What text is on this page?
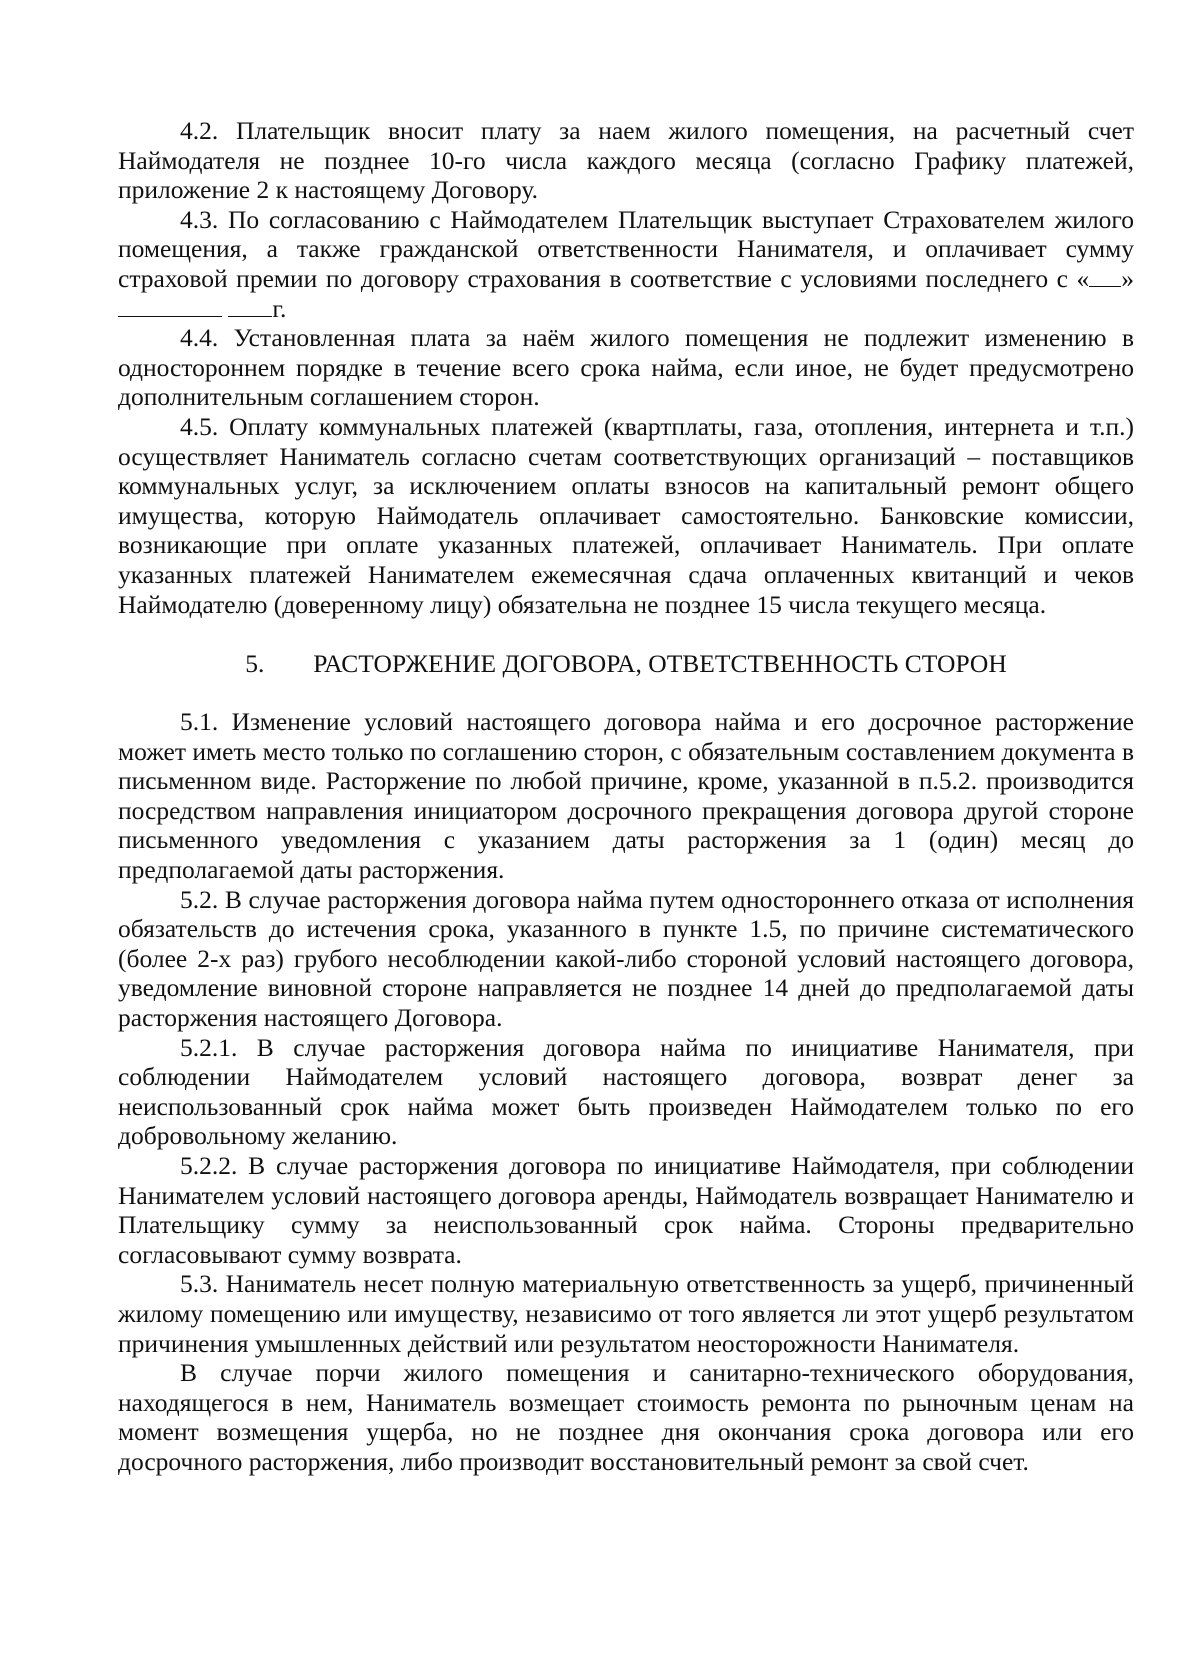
4.2. Плательщик вносит плату за наем жилого помещения, на расчетный счет Наймодателя не позднее 10-го числа каждого месяца (согласно Графику платежей, приложение 2 к настоящему Договору.

4.3. По согласованию с Наймодателем Плательщик выступает Страхователем жилого помещения, а также гражданской ответственности Нанимателя, и оплачивает сумму страховой премии по договору страхования в соответствие с условиями последнего с « »  г.

4.4. Установленная плата за наём жилого помещения не подлежит изменению в одностороннем порядке в течение всего срока найма, если иное, не будет предусмотрено дополнительным соглашением сторон.

4.5. Оплату коммунальных платежей (квартплаты, газа, отопления, интернета и т.п.) осуществляет Наниматель согласно счетам соответствующих организаций – поставщиков коммунальных услуг, за исключением оплаты взносов на капитальный ремонт общего имущества, которую Наймодатель оплачивает самостоятельно. Банковские комиссии, возникающие при оплате указанных платежей, оплачивает Наниматель. При оплате указанных платежей Нанимателем ежемесячная сдача оплаченных квитанций и чеков Наймодателю (доверенному лицу) обязательна не позднее 15 числа текущего месяца.

5.	РАСТОРЖЕНИЕ ДОГОВОРА, ОТВЕТСТВЕННОСТЬ СТОРОН

5.1. Изменение условий настоящего договора найма и его досрочное расторжение может иметь место только по соглашению сторон, с обязательным составлением документа в письменном виде. Расторжение по любой причине, кроме, указанной в п.5.2. производится посредством направления инициатором досрочного прекращения договора другой стороне письменного уведомления с указанием даты расторжения за 1 (один) месяц до предполагаемой даты расторжения.

5.2. В случае расторжения договора найма путем одностороннего отказа от исполнения обязательств до истечения срока, указанного в пункте 1.5, по причине систематического (более 2-х раз) грубого несоблюдении какой-либо стороной условий настоящего договора, уведомление виновной стороне направляется не позднее 14 дней до предполагаемой даты расторжения настоящего Договора.

5.2.1. В случае расторжения договора найма по инициативе Нанимателя, при соблюдении Наймодателем условий настоящего договора, возврат денег за неиспользованный срок найма может быть произведен Наймодателем только по его добровольному желанию.

5.2.2. В случае расторжения договора по инициативе Наймодателя, при соблюдении Нанимателем условий настоящего договора аренды, Наймодатель возвращает Нанимателю и Плательщику сумму за неиспользованный срок найма. Стороны предварительно согласовывают сумму возврата.

5.3. Наниматель несет полную материальную ответственность за ущерб, причиненный жилому помещению или имуществу, независимо от того является ли этот ущерб результатом причинения умышленных действий или результатом неосторожности Нанимателя.

В случае порчи жилого помещения и санитарно-технического оборудования, находящегося в нем, Наниматель возмещает стоимость ремонта по рыночным ценам на момент возмещения ущерба, но не позднее дня окончания срока договора или его досрочного расторжения, либо производит восстановительный ремонт за свой счет.
